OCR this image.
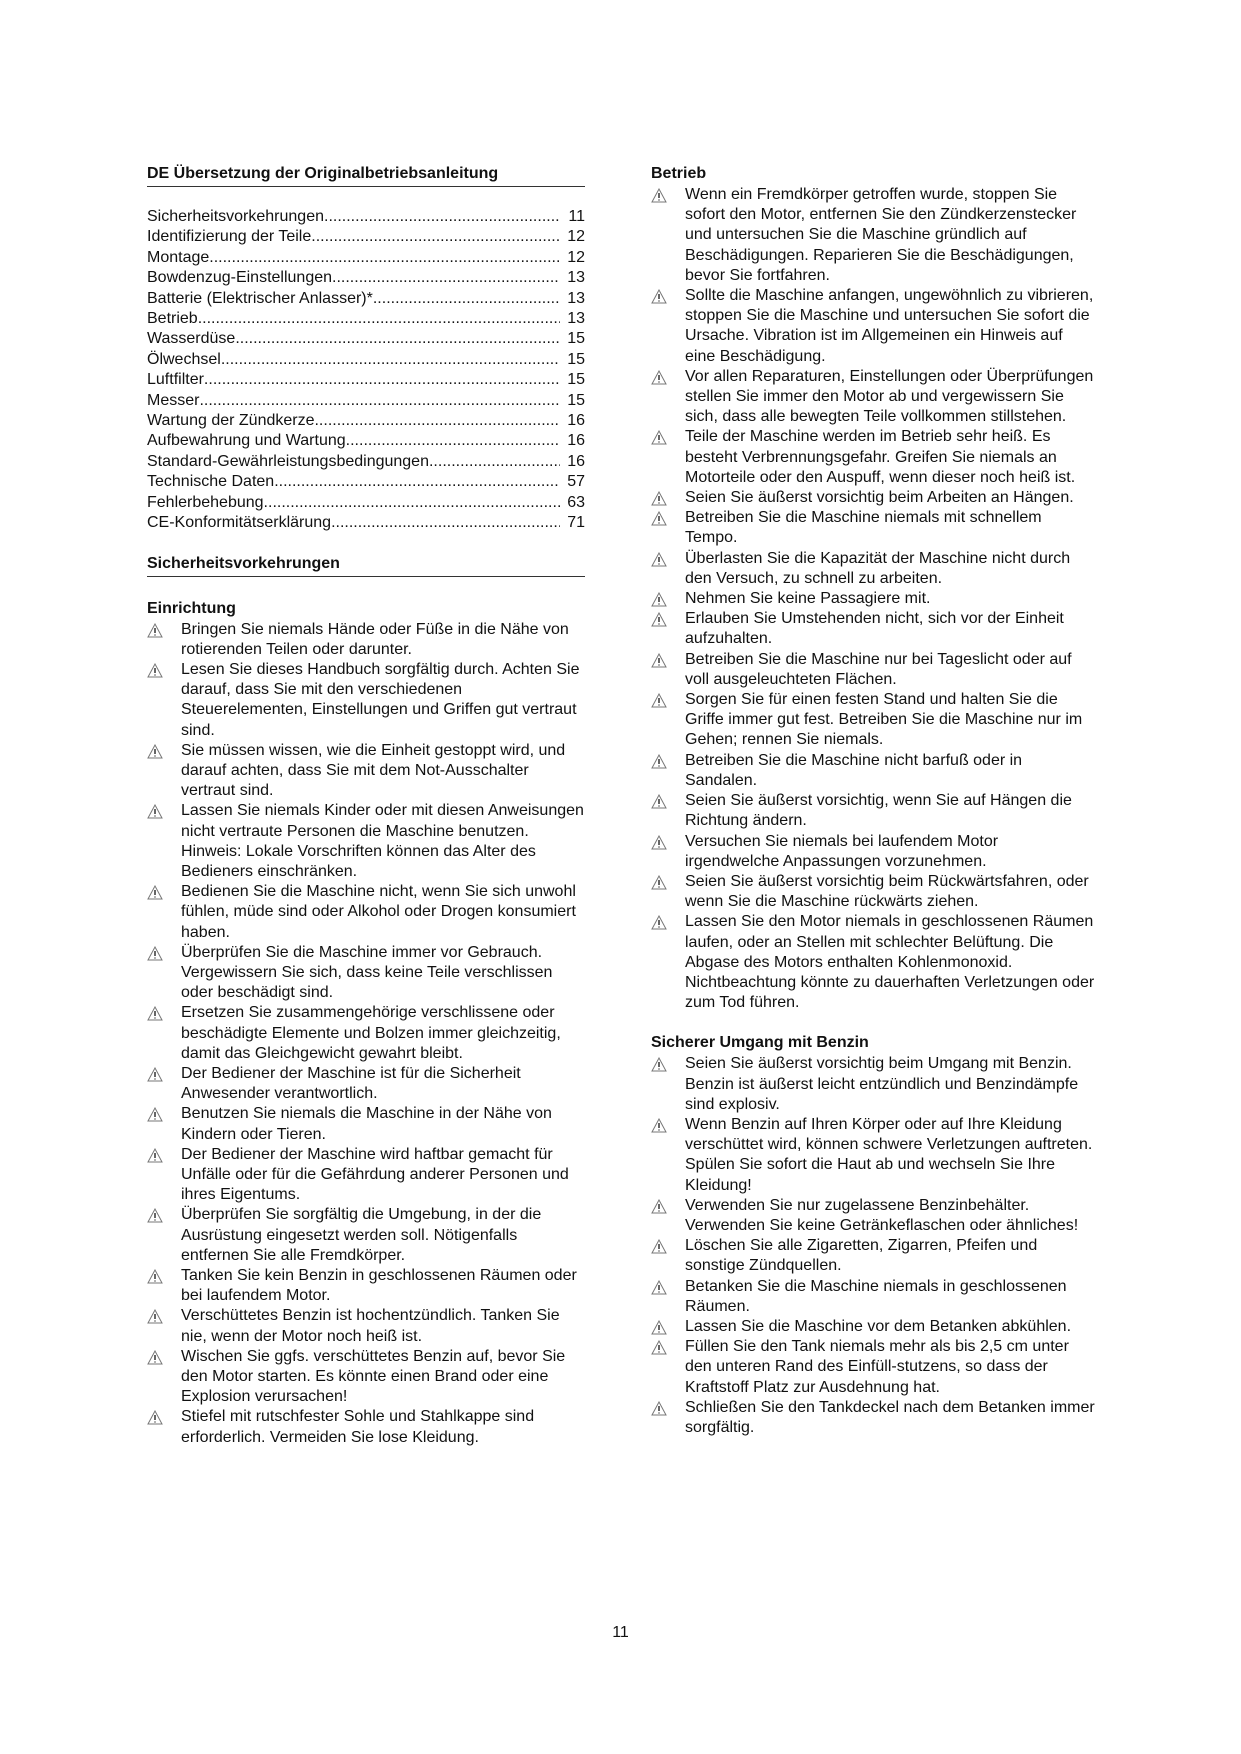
DE Übersetzung der Originalbetriebsanleitung
Sicherheitsvorkehrungen .....	11
Identifizierung der Teile .....	12
Montage .....	12
Bowdenzug-Einstellungen .....	13
Batterie (Elektrischer Anlasser)* .....	13
Betrieb .....	13
Wasserdüse .....	15
Ölwechsel .....	15
Luftfilter .....	15
Messer .....	15
Wartung der Zündkerze .....	16
Aufbewahrung und Wartung .....	16
Standard-Gewährleistungsbedingungen .....	16
Technische Daten .....	57
Fehlerbehebung .....	63
CE-Konformitätserklärung .....	71
Sicherheitsvorkehrungen
Einrichtung
Bringen Sie niemals Hände oder Füße in die Nähe von rotierenden Teilen oder darunter.
Lesen Sie dieses Handbuch sorgfältig durch. Achten Sie darauf, dass Sie mit den verschiedenen Steuerelementen, Einstellungen und Griffen gut vertraut sind.
Sie müssen wissen, wie die Einheit gestoppt wird, und darauf achten, dass Sie mit dem Not-Ausschalter vertraut sind.
Lassen Sie niemals Kinder oder mit diesen Anweisungen nicht vertraute Personen die Maschine benutzen. Hinweis: Lokale Vorschriften können das Alter des Bedieners einschränken.
Bedienen Sie die Maschine nicht, wenn Sie sich unwohl fühlen, müde sind oder Alkohol oder Drogen konsumiert haben.
Überprüfen Sie die Maschine immer vor Gebrauch. Vergewissern Sie sich, dass keine Teile verschlissen oder beschädigt sind.
Ersetzen Sie zusammengehörige verschlissene oder beschädigte Elemente und Bolzen immer gleichzeitig, damit das Gleichgewicht gewahrt bleibt.
Der Bediener der Maschine ist für die Sicherheit Anwesender verantwortlich.
Benutzen Sie niemals die Maschine in der Nähe von Kindern oder Tieren.
Der Bediener der Maschine wird haftbar gemacht für Unfälle oder für die Gefährdung anderer Personen und ihres Eigentums.
Überprüfen Sie sorgfältig die Umgebung, in der die Ausrüstung eingesetzt werden soll. Nötigenfalls entfernen Sie alle Fremdkörper.
Tanken Sie kein Benzin in geschlossenen Räumen oder bei laufendem Motor.
Verschüttetes Benzin ist hochentzündlich. Tanken Sie nie, wenn der Motor noch heiß ist.
Wischen Sie ggfs. verschüttetes Benzin auf, bevor Sie den Motor starten. Es könnte einen Brand oder eine Explosion verursachen!
Stiefel mit rutschfester Sohle und Stahlkappe sind erforderlich. Vermeiden Sie lose Kleidung.
Betrieb
Wenn ein Fremdkörper getroffen wurde, stoppen Sie sofort den Motor, entfernen Sie den Zündkerzenstecker und untersuchen Sie die Maschine gründlich auf Beschädigungen. Reparieren Sie die Beschädigungen, bevor Sie fortfahren.
Sollte die Maschine anfangen, ungewöhnlich zu vibrieren, stoppen Sie die Maschine und untersuchen Sie sofort die Ursache. Vibration ist im Allgemeinen ein Hinweis auf eine Beschädigung.
Vor allen Reparaturen, Einstellungen oder Überprüfungen stellen Sie immer den Motor ab und vergewissern Sie sich, dass alle bewegten Teile vollkommen stillstehen.
Teile der Maschine werden im Betrieb sehr heiß. Es besteht Verbrennungsgefahr. Greifen Sie niemals an Motorteile oder den Auspuff, wenn dieser noch heiß ist.
Seien Sie äußerst vorsichtig beim Arbeiten an Hängen.
Betreiben Sie die Maschine niemals mit schnellem Tempo.
Überlasten Sie die Kapazität der Maschine nicht durch den Versuch, zu schnell zu arbeiten.
Nehmen Sie keine Passagiere mit.
Erlauben Sie Umstehenden nicht, sich vor der Einheit aufzuhalten.
Betreiben Sie die Maschine nur bei Tageslicht oder auf voll ausgeleuchteten Flächen.
Sorgen Sie für einen festen Stand und halten Sie die Griffe immer gut fest. Betreiben Sie die Maschine nur im Gehen; rennen Sie niemals.
Betreiben Sie die Maschine nicht barfuß oder in Sandalen.
Seien Sie äußerst vorsichtig, wenn Sie auf Hängen die Richtung ändern.
Versuchen Sie niemals bei laufendem Motor irgendwelche Anpassungen vorzunehmen.
Seien Sie äußerst vorsichtig beim Rückwärtsfahren, oder wenn Sie die Maschine rückwärts ziehen.
Lassen Sie den Motor niemals in geschlossenen Räumen laufen, oder an Stellen mit schlechter Belüftung. Die Abgase des Motors enthalten Kohlenmonoxid. Nichtbeachtung könnte zu dauerhaften Verletzungen oder zum Tod führen.
Sicherer Umgang mit Benzin
Seien Sie äußerst vorsichtig beim Umgang mit Benzin. Benzin ist äußerst leicht entzündlich und Benzindämpfe sind explosiv.
Wenn Benzin auf Ihren Körper oder auf Ihre Kleidung verschüttet wird, können schwere Verletzungen auftreten. Spülen Sie sofort die Haut ab und wechseln Sie Ihre Kleidung!
Verwenden Sie nur zugelassene Benzinbehälter. Verwenden Sie keine Getränkeflaschen oder ähnliches!
Löschen Sie alle Zigaretten, Zigarren, Pfeifen und sonstige Zündquellen.
Betanken Sie die Maschine niemals in geschlossenen Räumen.
Lassen Sie die Maschine vor dem Betanken abkühlen.
Füllen Sie den Tank niemals mehr als bis 2,5 cm unter den unteren Rand des Einfüll-stutzens, so dass der Kraftstoff Platz zur Ausdehnung hat.
Schließen Sie den Tankdeckel nach dem Betanken immer sorgfältig.
11
